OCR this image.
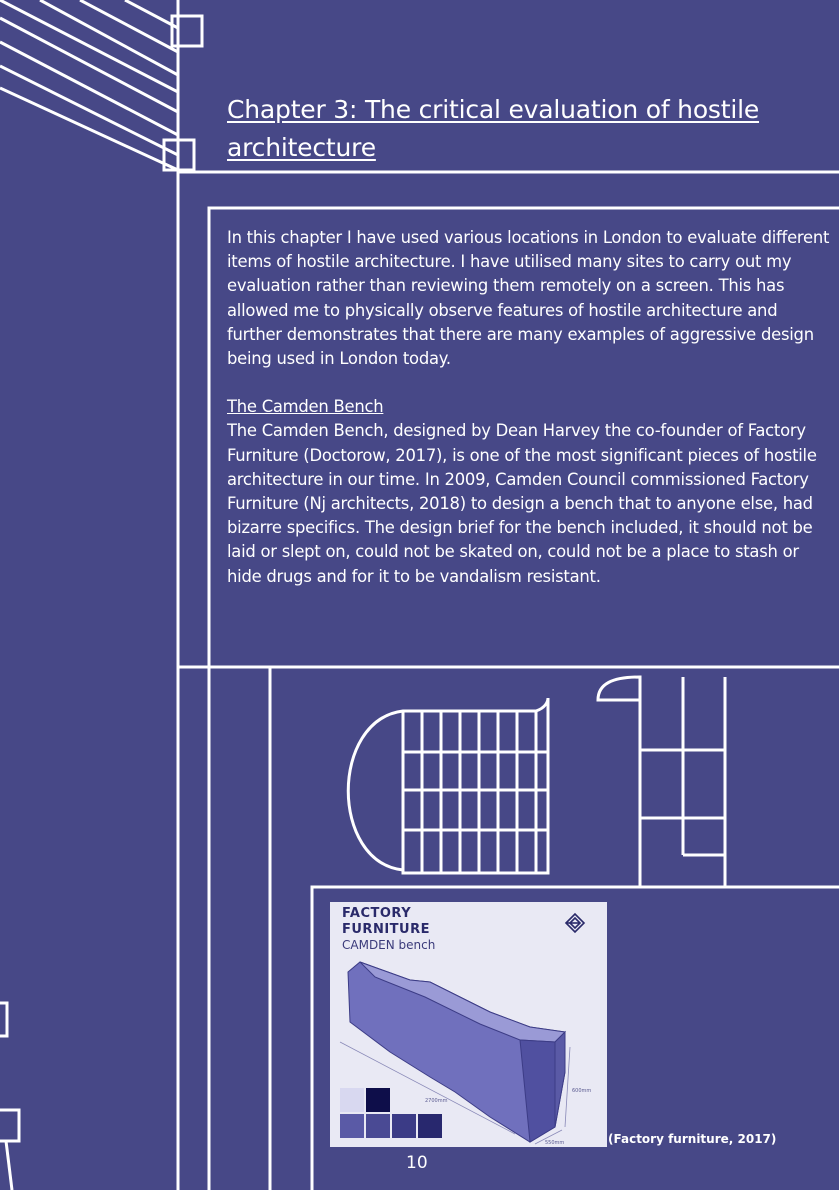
Chapter 3: The critical evaluation of hostile architecture

In this chapter I have used various locations in London to evaluate different items of hostile architecture. I have utilised many sites to carry out my evaluation rather than reviewing them remotely on a screen. This has allowed me to physically observe features of hostile architecture and further demonstrates that there are many examples of aggressive design being used in London today.

The Camden Bench

The Camden Bench, designed by Dean Harvey the co-founder of Factory Furniture (Doctorow, 2017), is one of the most significant pieces of hostile architecture in our time. In 2009, Camden Council commissioned Factory Furniture (Nj architects, 2018) to design a bench that to anyone else, had bizarre specifics. The design brief for the bench included, it should not be laid or slept on, could not be skated on, could not be a place to stash or hide drugs and for it to be vandalism resistant.

FACTORY
FURNITURE
CAMDEN bench
2700mm
600mm
550mm	(Factory furniture, 2017)
10
